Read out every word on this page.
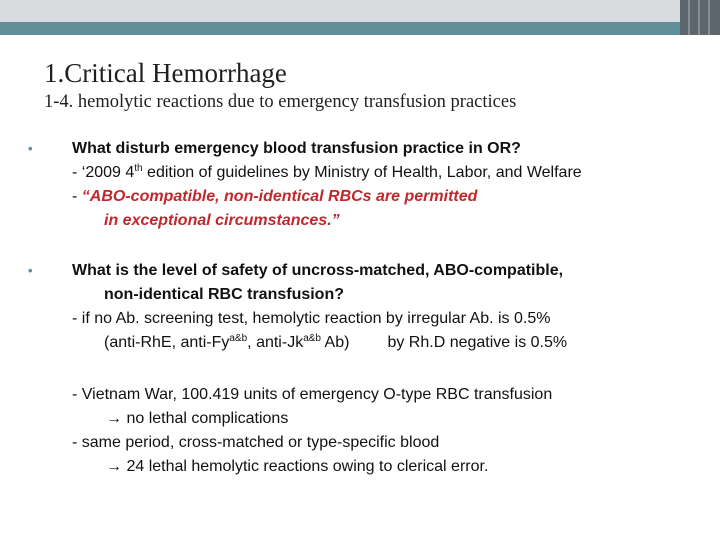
1.Critical Hemorrhage
1-4. hemolytic reactions due to emergency transfusion practices
• What disturb emergency blood transfusion practice in OR?
- ‘2009 4th edition of guidelines by Ministry of Health, Labor, and Welfare
- “ABO-compatible, non-identical RBCs are permitted
in exceptional circumstances.”
• What is the level of safety of uncross-matched, ABO-compatible,
non-identical RBC transfusion?
- if no Ab. screening test, hemolytic reaction by irregular Ab. is 0.5%
(anti-RhE, anti-$Fy^{a\&b}$, anti-$Jk^{a\&b}$ Ab) by Rh.D negative is 0.5%
- Vietnam War, 100.419 units of emergency O-type RBC transfusion
→ no lethal complications
- same period, cross-matched or type-specific blood
→ 24 lethal hemolytic reactions owing to clerical error.
